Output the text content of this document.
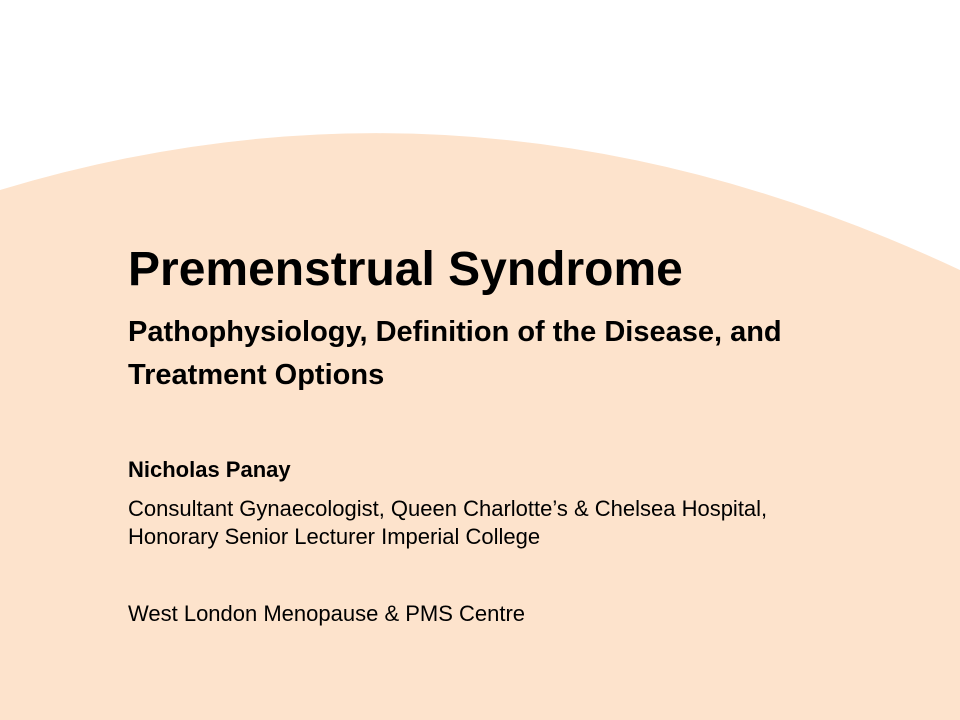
Premenstrual Syndrome
Pathophysiology, Definition of the Disease, and Treatment Options

Nicholas Panay

Consultant Gynaecologist, Queen Charlotte’s & Chelsea Hospital, Honorary Senior Lecturer Imperial College

West London Menopause & PMS Centre
